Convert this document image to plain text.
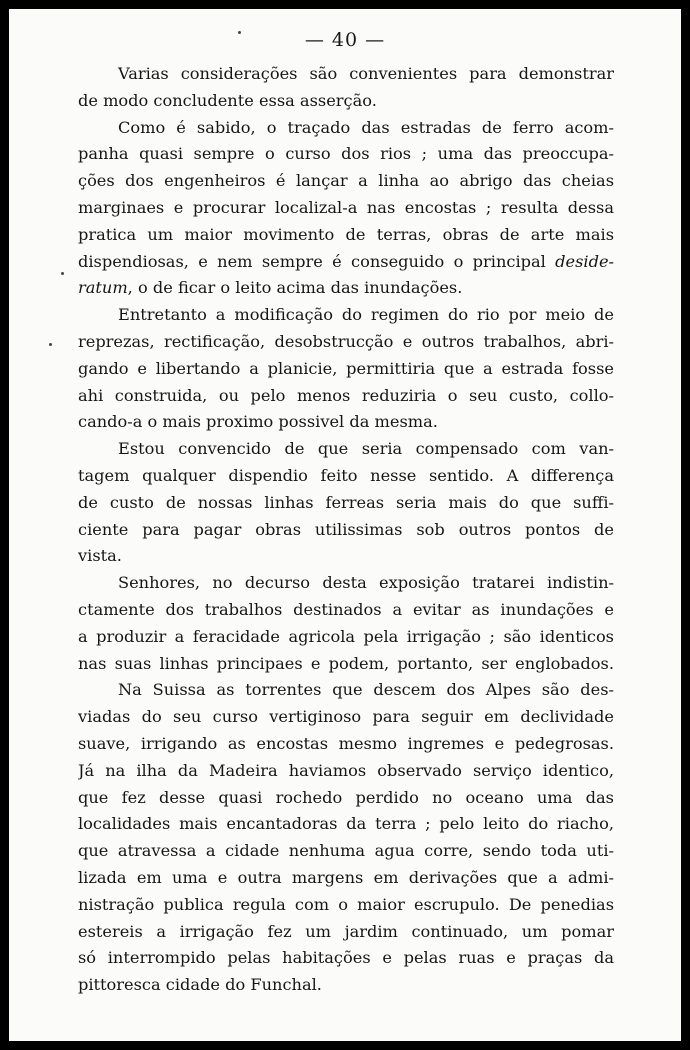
— 40 —
Varias considerações são convenientes para demonstrar
de modo concludente essa asserção.
Como é sabido, o traçado das estradas de ferro acom-
panha quasi sempre o curso dos rios ; uma das preoccupa-
ções dos engenheiros é lançar a linha ao abrigo das cheias
marginaes e procurar localizal-a nas encostas ; resulta dessa
pratica um maior movimento de terras, obras de arte mais
dispendiosas, e nem sempre é conseguido o principal deside-
ratum, o de ficar o leito acima das inundações.
Entretanto a modificação do regimen do rio por meio de
reprezas, rectificação, desobstrucção e outros trabalhos, abri-
gando e libertando a planicie, permittiria que a estrada fosse
ahi construida, ou pelo menos reduziria o seu custo, collo-
cando-a o mais proximo possivel da mesma.
Estou convencido de que seria compensado com van-
tagem qualquer dispendio feito nesse sentido. A differença
de custo de nossas linhas ferreas seria mais do que suffi-
ciente para pagar obras utilissimas sob outros pontos de
vista.
Senhores, no decurso desta exposição tratarei indistin-
ctamente dos trabalhos destinados a evitar as inundações e
a produzir a feracidade agricola pela irrigação ; são identicos
nas suas linhas principaes e podem, portanto, ser englobados.
Na Suissa as torrentes que descem dos Alpes são des-
viadas do seu curso vertiginoso para seguir em declividade
suave, irrigando as encostas mesmo ingremes e pedegrosas.
Já na ilha da Madeira haviamos observado serviço identico,
que fez desse quasi rochedo perdido no oceano uma das
localidades mais encantadoras da terra ; pelo leito do riacho,
que atravessa a cidade nenhuma agua corre, sendo toda uti-
lizada em uma e outra margens em derivações que a admi-
nistração publica regula com o maior escrupulo. De penedias
estereis a irrigação fez um jardim continuado, um pomar
só interrompido pelas habitações e pelas ruas e praças da
pittoresca cidade do Funchal.
